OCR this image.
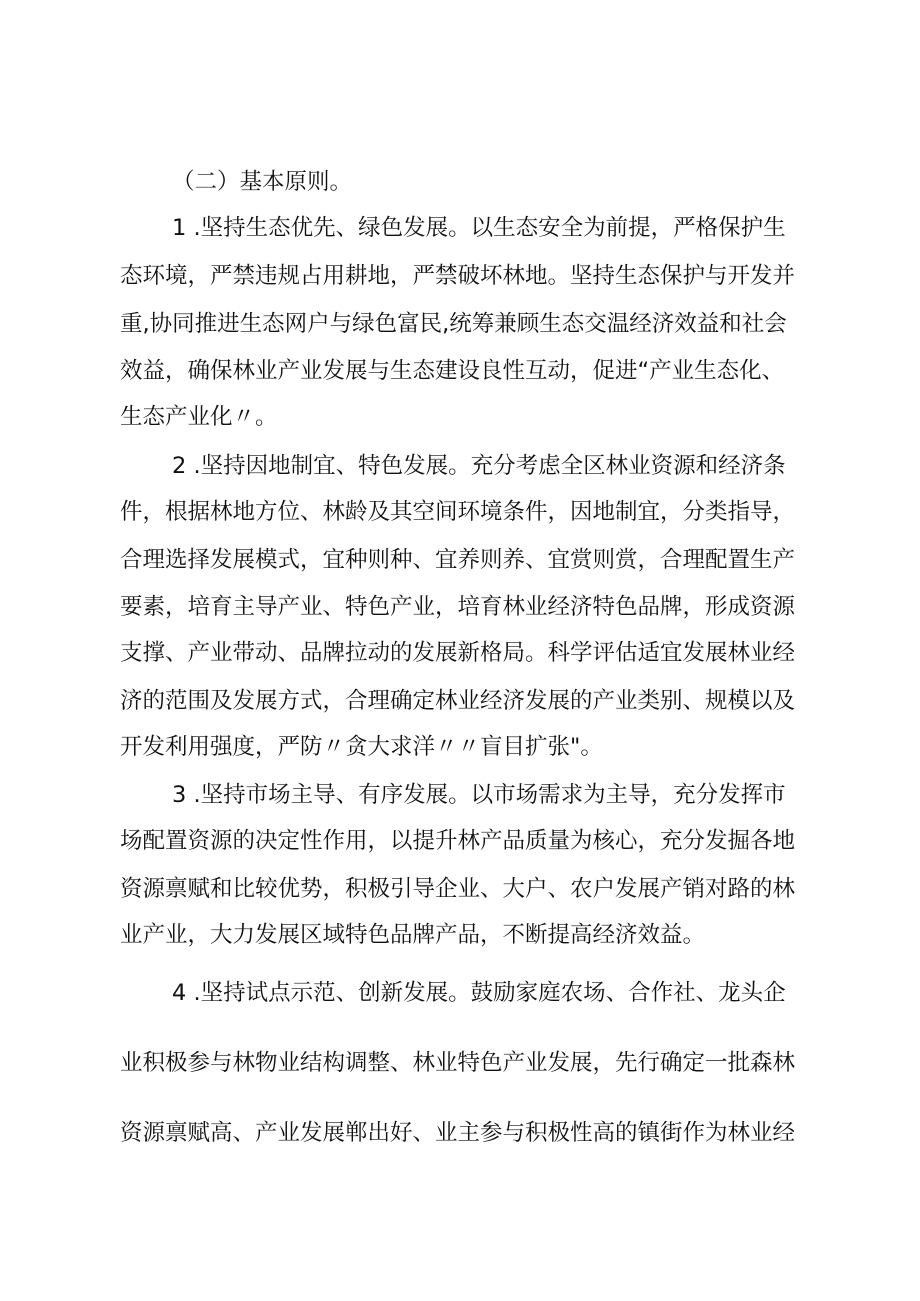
（二）基本原则。
1 .坚持生态优先、绿色发展。以生态安全为前提，严格保护生
态环境，严禁违规占用耕地，严禁破坏林地。坚持生态保护与开发并
重,协同推进生态网户与绿色富民,统筹兼顾生态交温经济效益和社会
效益，确保林业产业发展与生态建设良性互动，促进“产业生态化、
生态产业化〃。
2 .坚持因地制宜、特色发展。充分考虑全区林业资源和经济条
件，根据林地方位、林龄及其空间环境条件，因地制宜，分类指导，
合理选择发展模式，宜种则种、宜养则养、宜赏则赏，合理配置生产
要素，培育主导产业、特色产业，培育林业经济特色品牌，形成资源
支撑、产业带动、品牌拉动的发展新格局。科学评估适宜发展林业经
济的范围及发展方式，合理确定林业经济发展的产业类别、规模以及
开发利用强度，严防〃贪大求洋〃〃盲目扩张"。
3 .坚持市场主导、有序发展。以市场需求为主导，充分发挥市
场配置资源的决定性作用，以提升林产品质量为核心，充分发掘各地
资源禀赋和比较优势，积极引导企业、大户、农户发展产销对路的林
业产业，大力发展区域特色品牌产品，不断提高经济效益。
4 .坚持试点示范、创新发展。鼓励家庭农场、合作社、龙头企
业积极参与林物业结构调整、林业特色产业发展，先行确定一批森林
资源禀赋高、产业发展郸出好、业主参与积极性高的镇街作为林业经
